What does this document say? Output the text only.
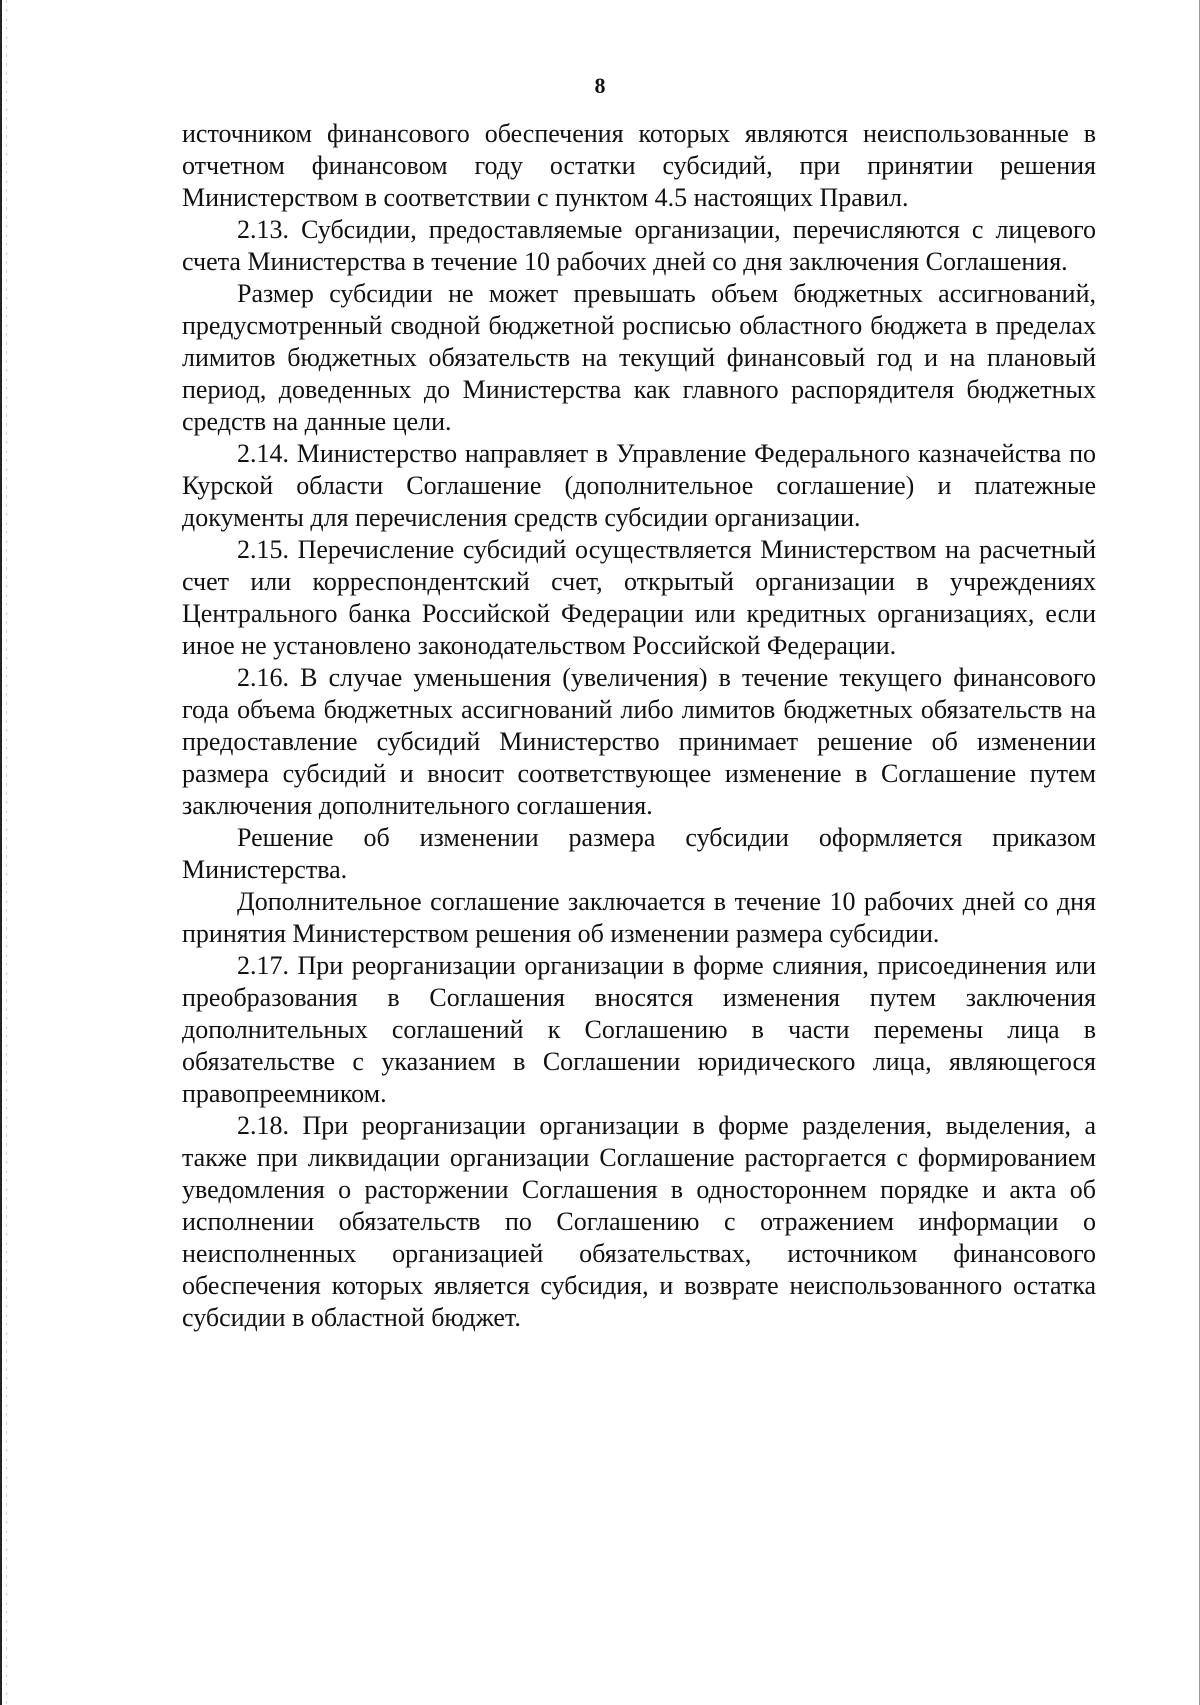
8

источником финансового обеспечения которых являются неиспользованные в отчетном финансовом году остатки субсидий, при принятии решения Министерством в соответствии с пунктом 4.5 настоящих Правил.

2.13. Субсидии, предоставляемые организации, перечисляются с лицевого счета Министерства в течение 10 рабочих дней со дня заключения Соглашения.

Размер субсидии не может превышать объем бюджетных ассигнований, предусмотренный сводной бюджетной росписью областного бюджета в пределах лимитов бюджетных обязательств на текущий финансовый год и на плановый период, доведенных до Министерства как главного распорядителя бюджетных средств на данные цели.

2.14. Министерство направляет в Управление Федерального казначейства по Курской области Соглашение (дополнительное соглашение) и платежные документы для перечисления средств субсидии организации.

2.15. Перечисление субсидий осуществляется Министерством на расчетный счет или корреспондентский счет, открытый организации в учреждениях Центрального банка Российской Федерации или кредитных организациях, если иное не установлено законодательством Российской Федерации.

2.16. В случае уменьшения (увеличения) в течение текущего финансового года объема бюджетных ассигнований либо лимитов бюджетных обязательств на предоставление субсидий Министерство принимает решение об изменении размера субсидий и вносит соответствующее изменение в Соглашение путем заключения дополнительного соглашения.

Решение об изменении размера субсидии оформляется приказом Министерства.

Дополнительное соглашение заключается в течение 10 рабочих дней со дня принятия Министерством решения об изменении размера субсидии.

2.17. При реорганизации организации в форме слияния, присоединения или преобразования в Соглашения вносятся изменения путем заключения дополнительных соглашений к Соглашению в части перемены лица в обязательстве с указанием в Соглашении юридического лица, являющегося правопреемником.

2.18. При реорганизации организации в форме разделения, выделения, а также при ликвидации организации Соглашение расторгается с формированием уведомления о расторжении Соглашения в одностороннем порядке и акта об исполнении обязательств по Соглашению с отражением информации о неисполненных организацией обязательствах, источником финансового обеспечения которых является субсидия, и возврате неиспользованного остатка субсидии в областной бюджет.
